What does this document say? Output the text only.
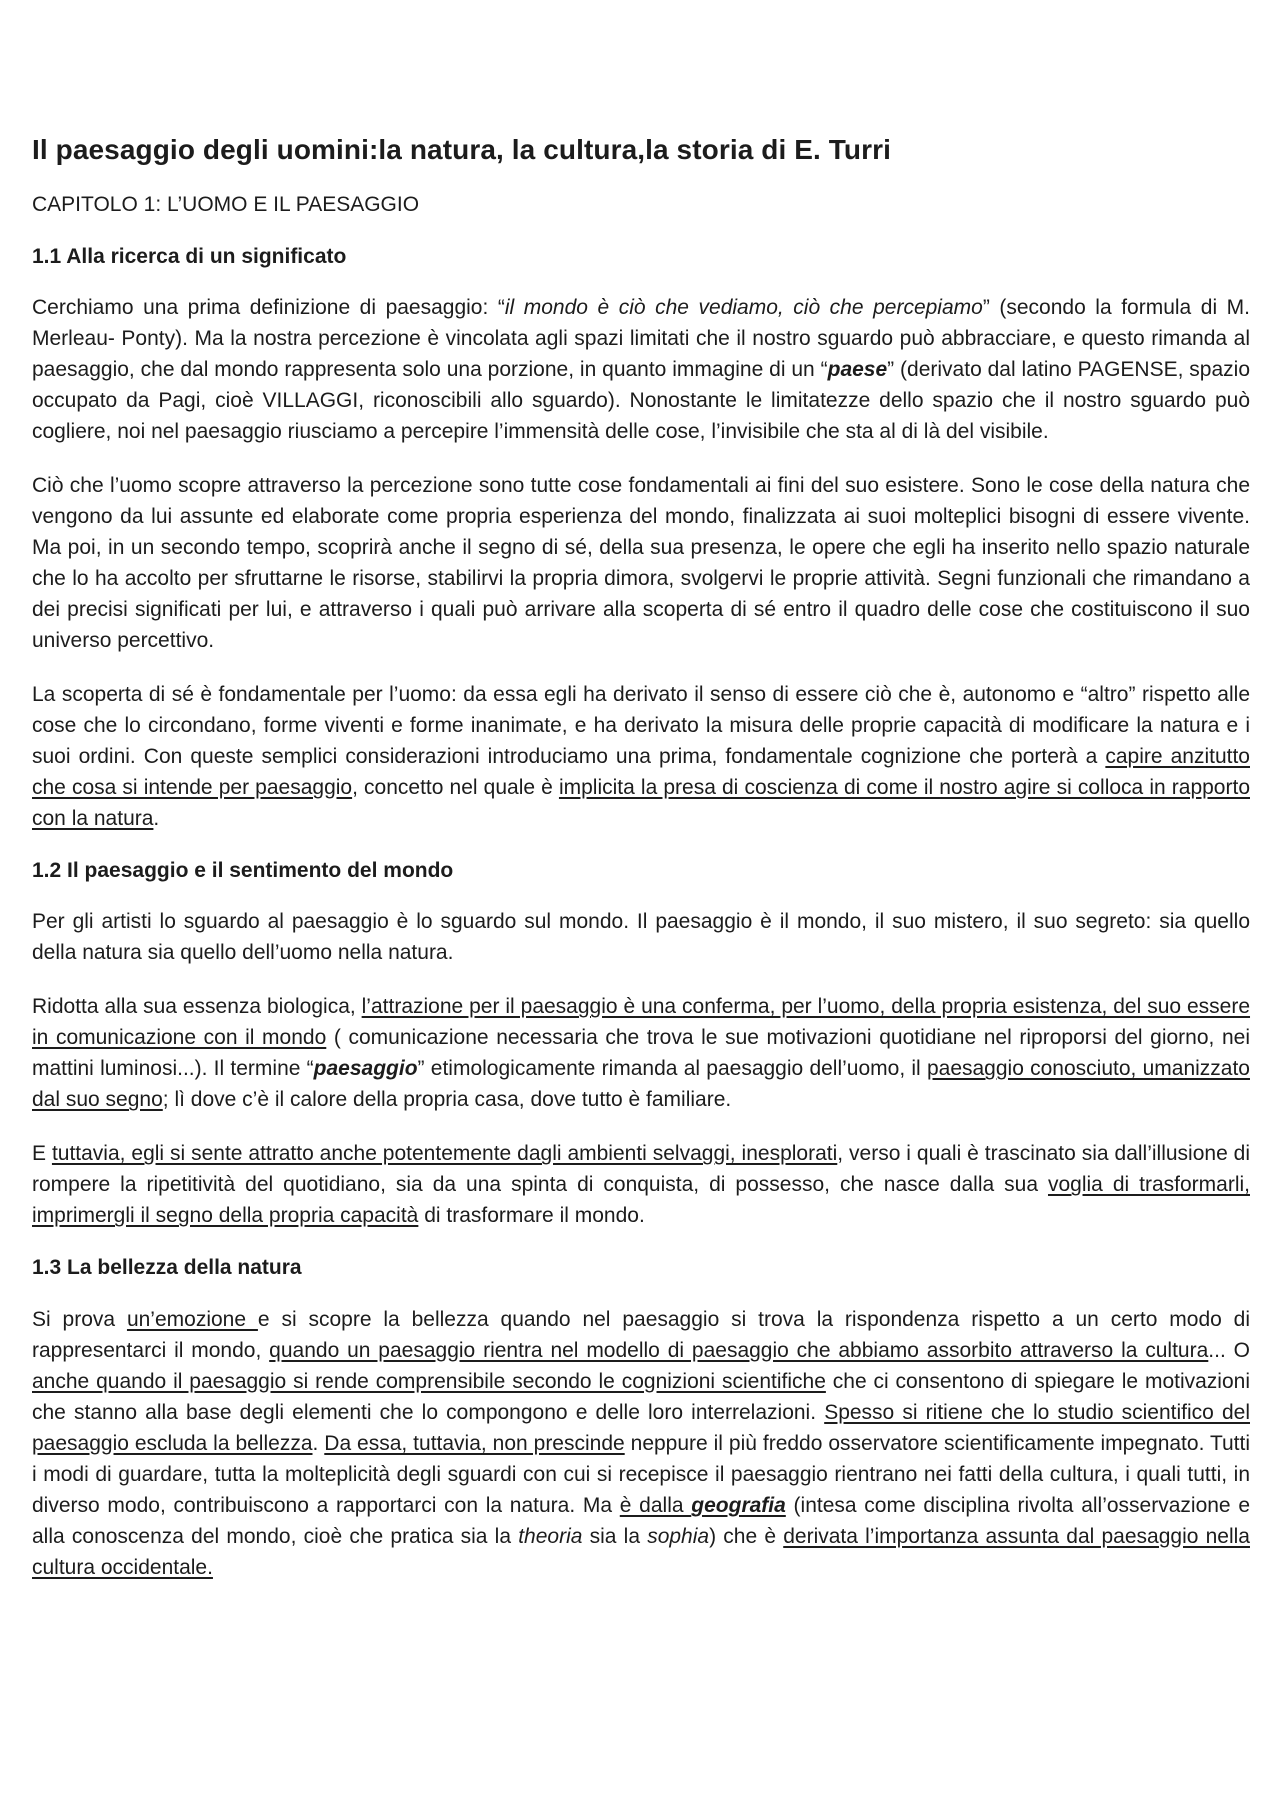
Il paesaggio degli uomini:la natura, la cultura,la storia di E. Turri
CAPITOLO 1: L’UOMO E IL PAESAGGIO
1.1 Alla ricerca di un significato

Cerchiamo una prima definizione di paesaggio: “il mondo è ciò che vediamo, ciò che percepiamo” (secondo la formula di M. Merleau- Ponty). Ma la nostra percezione è vincolata agli spazi limitati che il nostro sguardo può abbracciare, e questo rimanda al paesaggio, che dal mondo rappresenta solo una porzione, in quanto immagine di un “paese” (derivato dal latino PAGENSE, spazio occupato da Pagi, cioè VILLAGGI, riconoscibili allo sguardo). Nonostante le limitatezze dello spazio che il nostro sguardo può cogliere, noi nel paesaggio riusciamo a percepire l’immensità delle cose, l’invisibile che sta al di là del visibile.

Ciò che l’uomo scopre attraverso la percezione sono tutte cose fondamentali ai fini del suo esistere. Sono le cose della natura che vengono da lui assunte ed elaborate come propria esperienza del mondo, finalizzata ai suoi molteplici bisogni di essere vivente. Ma poi, in un secondo tempo, scoprirà anche il segno di sé, della sua presenza, le opere che egli ha inserito nello spazio naturale che lo ha accolto per sfruttarne le risorse, stabilirvi la propria dimora, svolgervi le proprie attività. Segni funzionali che rimandano a dei precisi significati per lui, e attraverso i quali può arrivare alla scoperta di sé entro il quadro delle cose che costituiscono il suo universo percettivo.

La scoperta di sé è fondamentale per l’uomo: da essa egli ha derivato il senso di essere ciò che è, autonomo e “altro” rispetto alle cose che lo circondano, forme viventi e forme inanimate, e ha derivato la misura delle proprie capacità di modificare la natura e i suoi ordini. Con queste semplici considerazioni introduciamo una prima, fondamentale cognizione che porterà a capire anzitutto che cosa si intende per paesaggio, concetto nel quale è implicita la presa di coscienza di come il nostro agire si colloca in rapporto con la natura.

1.2 Il paesaggio e il sentimento del mondo

Per gli artisti lo sguardo al paesaggio è lo sguardo sul mondo. Il paesaggio è il mondo, il suo mistero, il suo segreto: sia quello della natura sia quello dell’uomo nella natura.

Ridotta alla sua essenza biologica, l’attrazione per il paesaggio è una conferma, per l’uomo, della propria esistenza, del suo essere in comunicazione con il mondo ( comunicazione necessaria che trova le sue motivazioni quotidiane nel riproporsi del giorno, nei mattini luminosi...). Il termine “paesaggio” etimologicamente rimanda al paesaggio dell’uomo, il paesaggio conosciuto, umanizzato dal suo segno; lì dove c’è il calore della propria casa, dove tutto è familiare.

E tuttavia, egli si sente attratto anche potentemente dagli ambienti selvaggi, inesplorati, verso i quali è trascinato sia dall’illusione di rompere la ripetitività del quotidiano, sia da una spinta di conquista, di possesso, che nasce dalla sua voglia di trasformarli, imprimergli il segno della propria capacità di trasformare il mondo.

1.3 La bellezza della natura

Si prova un’emozione e si scopre la bellezza quando nel paesaggio si trova la rispondenza rispetto a un certo modo di rappresentarci il mondo, quando un paesaggio rientra nel modello di paesaggio che abbiamo assorbito attraverso la cultura... O anche quando il paesaggio si rende comprensibile secondo le cognizioni scientifiche che ci consentono di spiegare le motivazioni che stanno alla base degli elementi che lo compongono e delle loro interrelazioni. Spesso si ritiene che lo studio scientifico del paesaggio escluda la bellezza. Da essa, tuttavia, non prescinde neppure il più freddo osservatore scientificamente impegnato. Tutti i modi di guardare, tutta la molteplicità degli sguardi con cui si recepisce il paesaggio rientrano nei fatti della cultura, i quali tutti, in diverso modo, contribuiscono a rapportarci con la natura. Ma è dalla geografia (intesa come disciplina rivolta all’osservazione e alla conoscenza del mondo, cioè che pratica sia la theoria sia la sophia) che è derivata l’importanza assunta dal paesaggio nella cultura occidentale.
